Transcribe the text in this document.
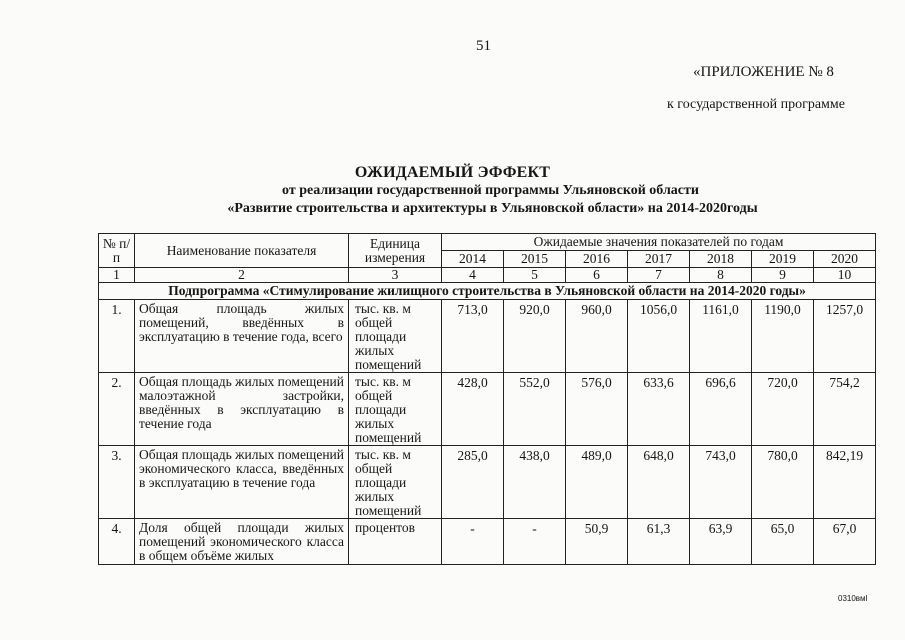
51
«ПРИЛОЖЕНИЕ № 8
к государственной программе
ОЖИДАЕМЫЙ ЭФФЕКТ
от реализации государственной программы Ульяновской области
«Развитие строительства и архитектуры в Ульяновской области» на 2014-2020годы
№ п/п	Наименование показателя	Единица измерения	Ожидаемые значения показателей по годам						
			2014	2015	2016	2017	2018	2019	2020
1	2	3	4	5	6	7	8	9	10
Подпрограмма «Стимулирование жилищного строительства в Ульяновской области на 2014-2020 годы»									
1.	Общая площадь жилых помещений, введённых в эксплуатацию в течение года, всего	тыс. кв. м общей площади жилых помещений	713,0	920,0	960,0	1056,0	1161,0	1190,0	1257,0
2.	Общая площадь жилых помещений малоэтажной застройки, введённых в эксплуатацию в течение года	тыс. кв. м общей площади жилых помещений	428,0	552,0	576,0	633,6	696,6	720,0	754,2
3.	Общая площадь жилых помещений экономического класса, введённых в эксплуатацию в течение года	тыс. кв. м общей площади жилых помещений	285,0	438,0	489,0	648,0	743,0	780,0	842,19
4.	Доля общей площади жилых помещений экономического класса в общем объёме жилых	процентов	-	-	50,9	61,3	63,9	65,0	67,0
0310вмI
